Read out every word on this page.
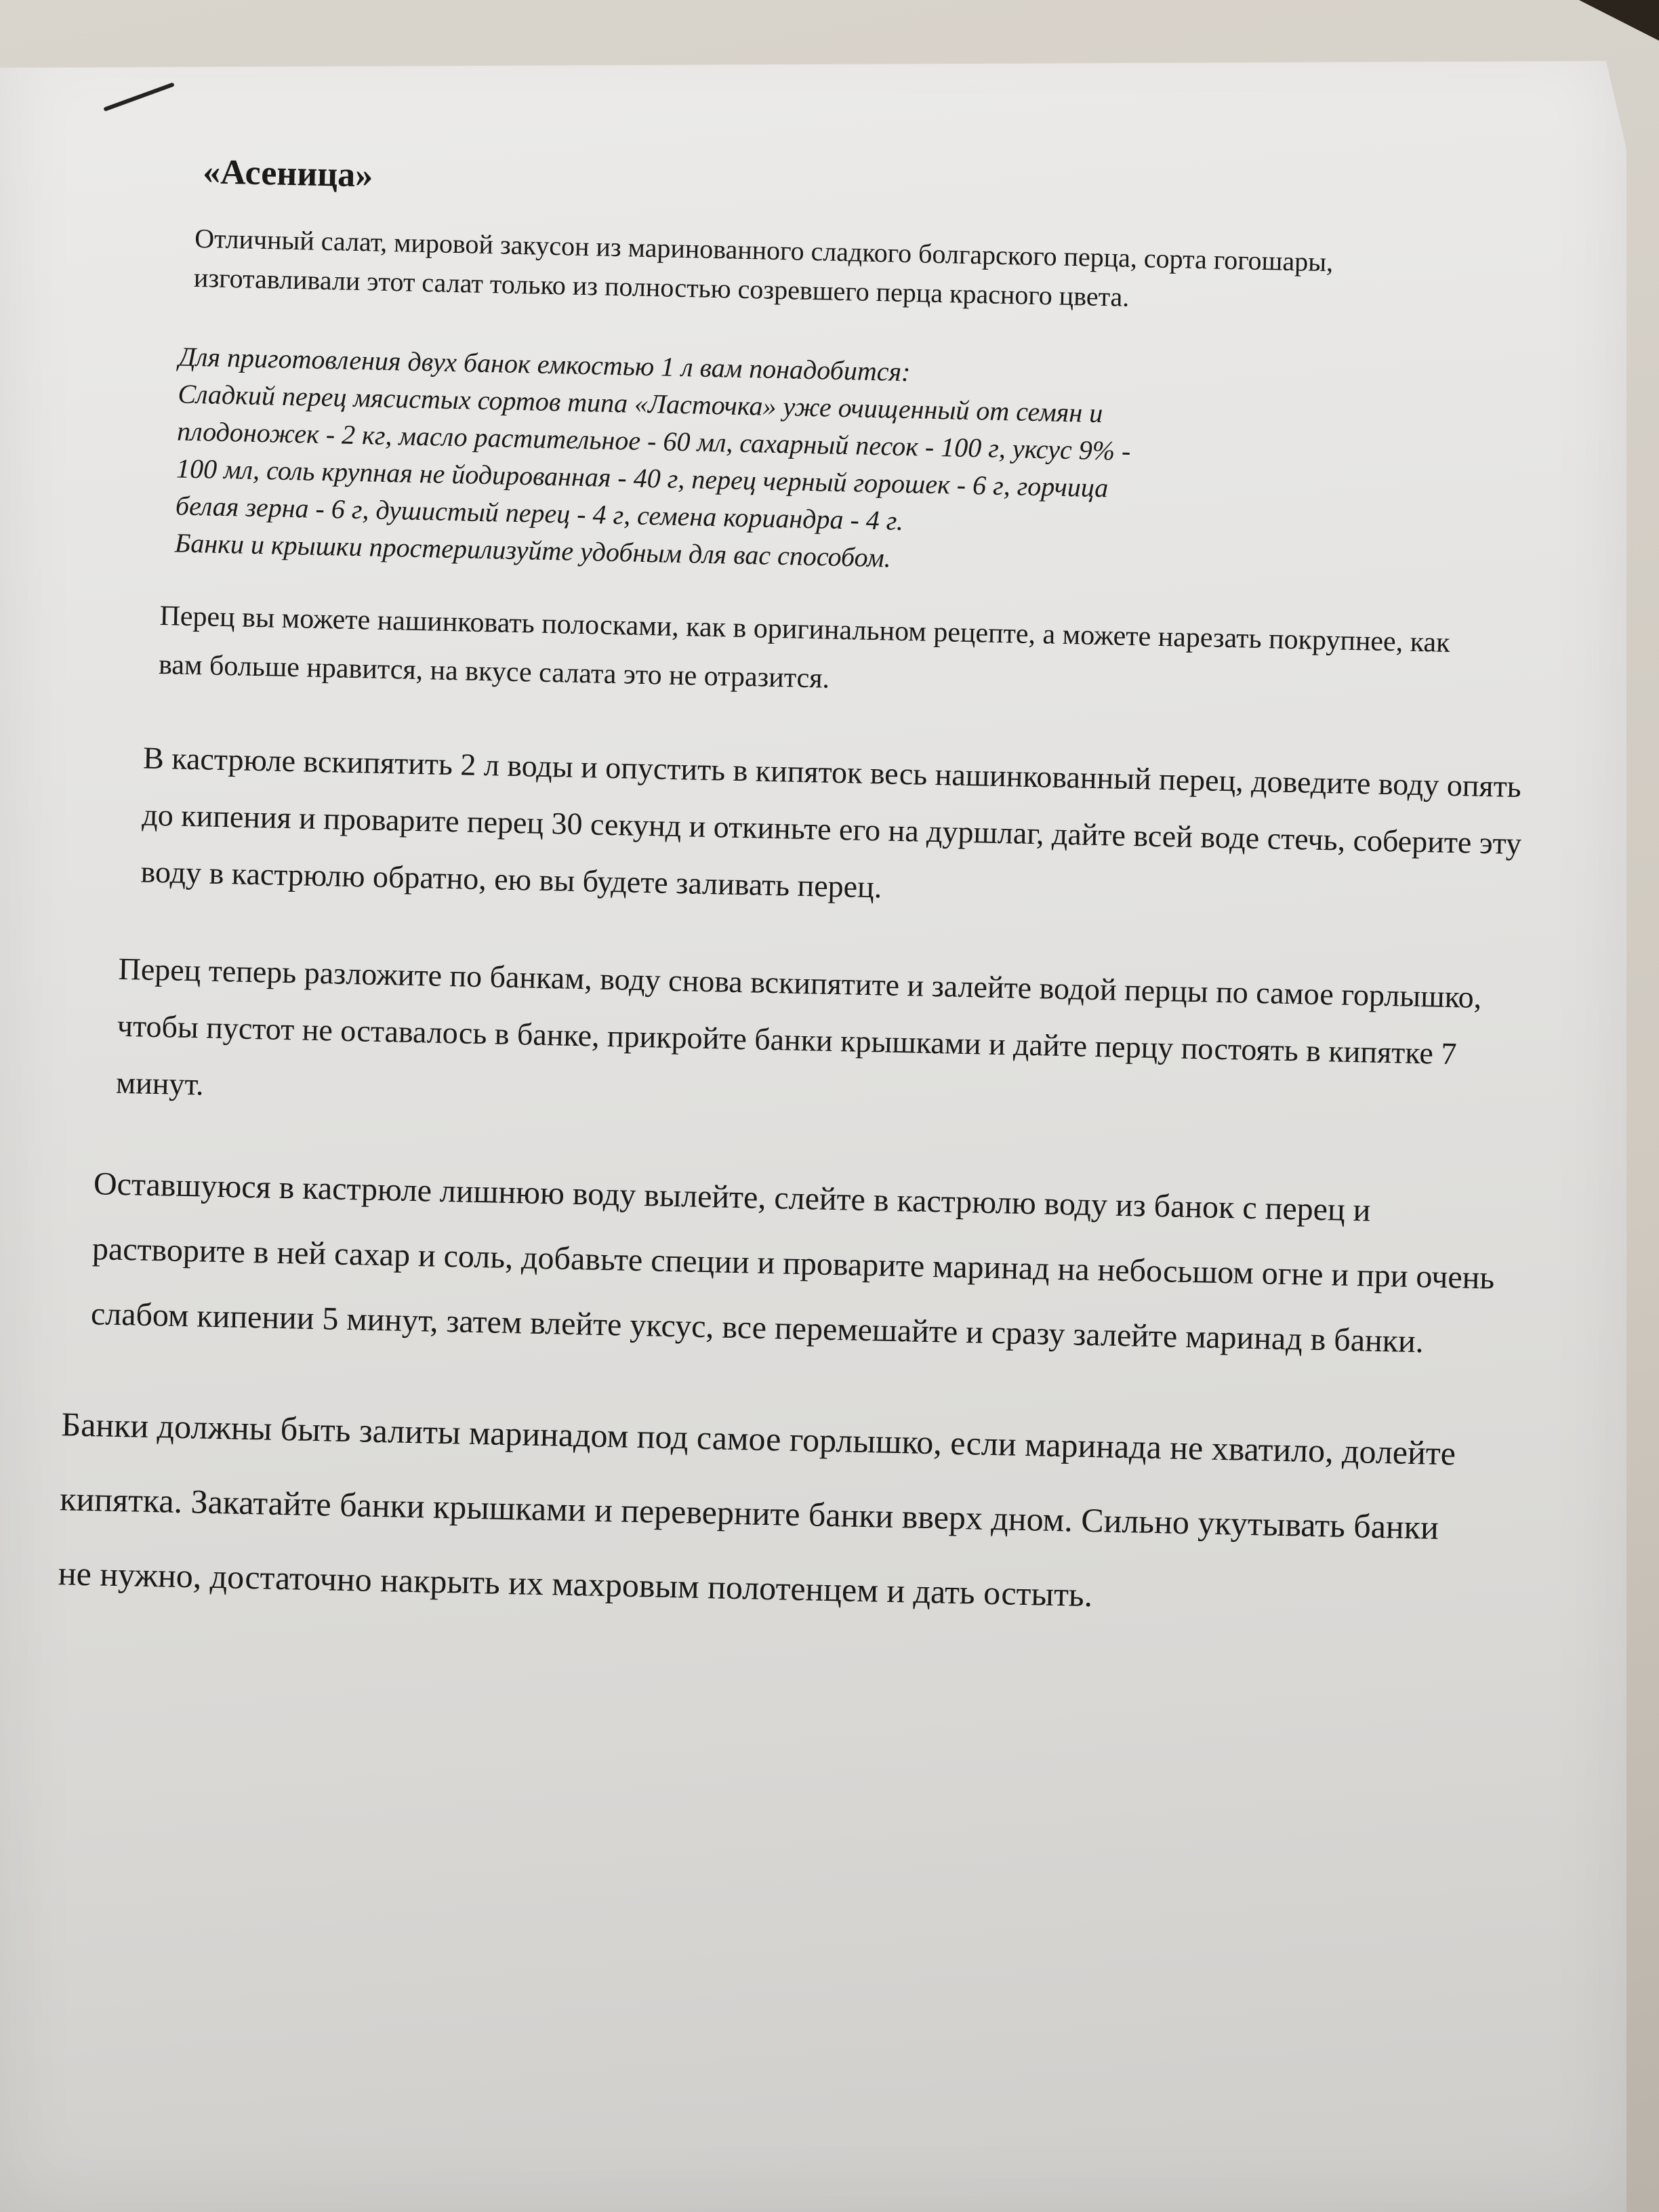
«Асеница»
Отличный салат, мировой закусон из маринованного сладкого болгарского перца, сорта гогошары, изготавливали этот салат только из полностью созревшего перца красного цвета.
Для приготовления двух банок емкостью 1 л вам понадобится:
Сладкий перец мясистых сортов типа «Ласточка» уже очищенный от семян и
плодоножек - 2 кг, масло растительное - 60 мл, сахарный песок - 100 г, уксус 9% -
100 мл, соль крупная не йодированная - 40 г, перец черный горошек - 6 г, горчица
белая зерна - 6 г, душистый перец - 4 г, семена кориандра - 4 г.
Банки и крышки простерилизуйте удобным для вас способом.
Перец вы можете нашинковать полосками, как в оригинальном рецепте, а можете нарезать покрупнее, как вам больше нравится, на вкусе салата это не отразится.
В кастрюле вскипятить 2 л воды и опустить в кипяток весь нашинкованный перец, доведите воду опять до кипения и проварите перец 30 секунд и откиньте его на дуршлаг, дайте всей воде стечь, соберите эту воду в кастрюлю обратно, ею вы будете заливать перец.
Перец теперь разложите по банкам, воду снова вскипятите и залейте водой перцы по самое горлышко, чтобы пустот не оставалось в банке, прикройте банки крышками и дайте перцу постоять в кипятке 7 минут.
Оставшуюся в кастрюле лишнюю воду вылейте, слейте в кастрюлю воду из банок с перец и растворите в ней сахар и соль, добавьте специи и проварите маринад на небосьшом огне и при очень слабом кипении 5 минут, затем влейте уксус, все перемешайте и сразу залейте маринад в банки.
Банки должны быть залиты маринадом под самое горлышко, если маринада не хватило, долейте кипятка. Закатайте банки крышками и переверните банки вверх дном. Сильно укутывать банки не нужно, достаточно накрыть их махровым полотенцем и дать остыть.
